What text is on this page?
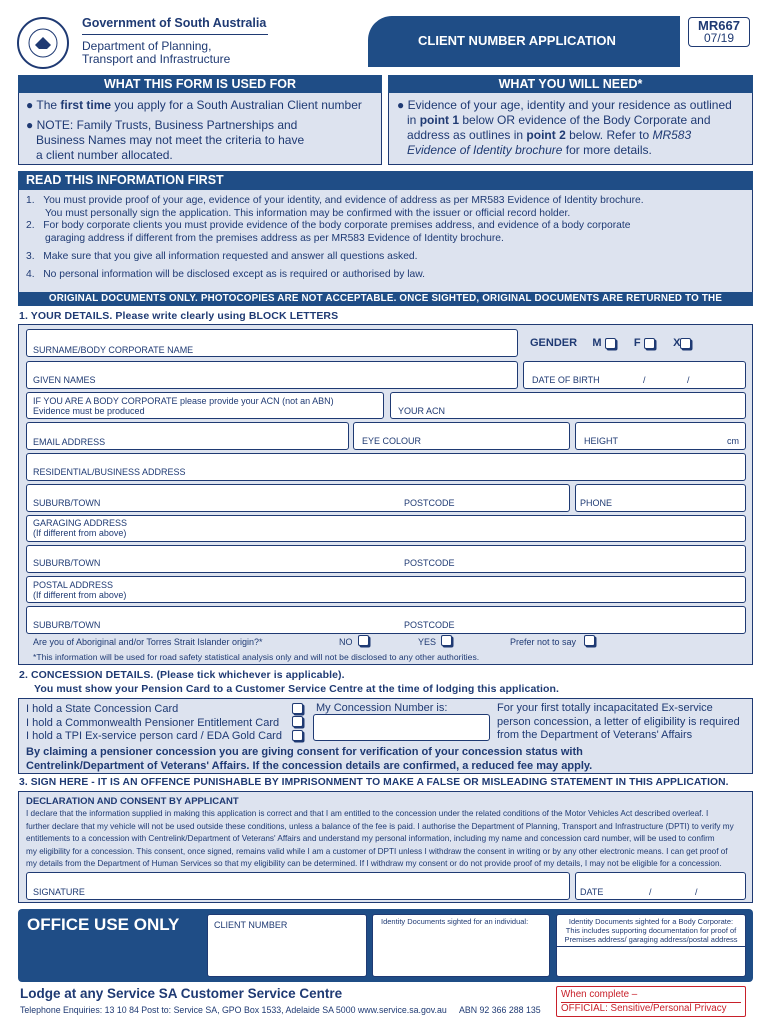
Government of South Australia
Department of Planning,
Transport and Infrastructure
CLIENT NUMBER APPLICATION
MR667
07/19
WHAT THIS FORM IS USED FOR
● The first time you apply for a South Australian Client number
● NOTE: Family Trusts, Business Partnerships and
Business Names may not meet the criteria to have
a client number allocated.
WHAT YOU WILL NEED*
● Evidence of your age, identity and your residence as outlined
in point 1 below OR evidence of the Body Corporate and
address as outlines in point 2 below. Refer to MR583
Evidence of Identity brochure for more details.
READ THIS INFORMATION FIRST
1. You must provide proof of your age, evidence of your identity, and evidence of address as per MR583 Evidence of Identity brochure.
You must personally sign the application. This information may be confirmed with the issuer or official record holder.
2. For body corporate clients you must provide evidence of the body corporate premises address, and evidence of a body corporate
garaging address if different from the premises address as per MR583 Evidence of Identity brochure.
3. Make sure that you give all information requested and answer all questions asked.
4. No personal information will be disclosed except as is required or authorised by law.
ORIGINAL DOCUMENTS ONLY. PHOTOCOPIES ARE NOT ACCEPTABLE. ONCE SIGHTED, ORIGINAL DOCUMENTS ARE RETURNED TO THE APPLICANT.
1. YOUR DETAILS. Please write clearly using BLOCK LETTERS
SURNAME/BODY CORPORATE NAME
GENDER M	F	X
GIVEN NAMES	DATE OF BIRTH	/	/
IF YOU ARE A BODY CORPORATE please provide your ACN (not an ABN)
Evidence must be produced	YOUR ACN
EMAIL ADDRESS	EYE COLOUR	HEIGHT	cm
RESIDENTIAL/BUSINESS ADDRESS
SUBURB/TOWN	POSTCODE	PHONE
GARAGING ADDRESS
(If different from above)
SUBURB/TOWN	POSTCODE
POSTAL ADDRESS
(If different from above)
SUBURB/TOWN	POSTCODE
Are you of Aboriginal and/or Torres Strait Islander origin?*	NO	YES	Prefer not to say
*This information will be used for road safety statistical analysis only and will not be disclosed to any other authorities.
2. CONCESSION DETAILS. (Please tick whichever is applicable).
You must show your Pension Card to a Customer Service Centre at the time of lodging this application.
I hold a State Concession Card
I hold a Commonwealth Pensioner Entitlement Card
I hold a TPI Ex-service person card / EDA Gold Card
My Concession Number is:	For your first totally incapacitated Ex-service
person concession, a letter of eligibility is required
from the Department of Veterans' Affairs
By claiming a pensioner concession you are giving consent for verification of your concession status with
Centrelink/Department of Veterans' Affairs. If the concession details are confirmed, a reduced fee may apply.
3. SIGN HERE - IT IS AN OFFENCE PUNISHABLE BY IMPRISONMENT TO MAKE A FALSE OR MISLEADING STATEMENT IN THIS APPLICATION.
DECLARATION AND CONSENT BY APPLICANT
I declare that the information supplied in making this application is correct and that I am entitled to the concession under the related conditions of the Motor Vehicles Act described overleaf. I
further declare that my vehicle will not be used outside these conditions, unless a balance of the fee is paid. I authorise the Department of Planning, Transport and Infrastructure (DPTI) to verify my
entitlements to a concession with Centrelink/Department of Veterans' Affairs and understand my personal information, including my name and concession card number, will be used to confirm
my eligibility for a concession. This consent, once signed, remains valid while I am a customer of DPTI unless I withdraw the consent in writing or by any other electronic means. I can get proof of
my details from the Department of Human Services so that my eligibility can be determined. If I withdraw my consent or do not provide proof of my details, I may not be eligible for a concession.
SIGNATURE	DATE	/	/
OFFICE USE ONLY	CLIENT NUMBER	Identity Documents sighted for an individual:	Identity Documents sighted for a Body Corporate:
This includes supporting documentation for proof of
Premises address/ garaging address/postal address
Lodge at any Service SA Customer Service Centre
Telephone Enquiries: 13 10 84 Post to: Service SA, GPO Box 1533, Adelaide SA 5000 www.service.sa.gov.au ABN 92 366 288 135
When complete –
OFFICIAL: Sensitive/Personal Privacy
